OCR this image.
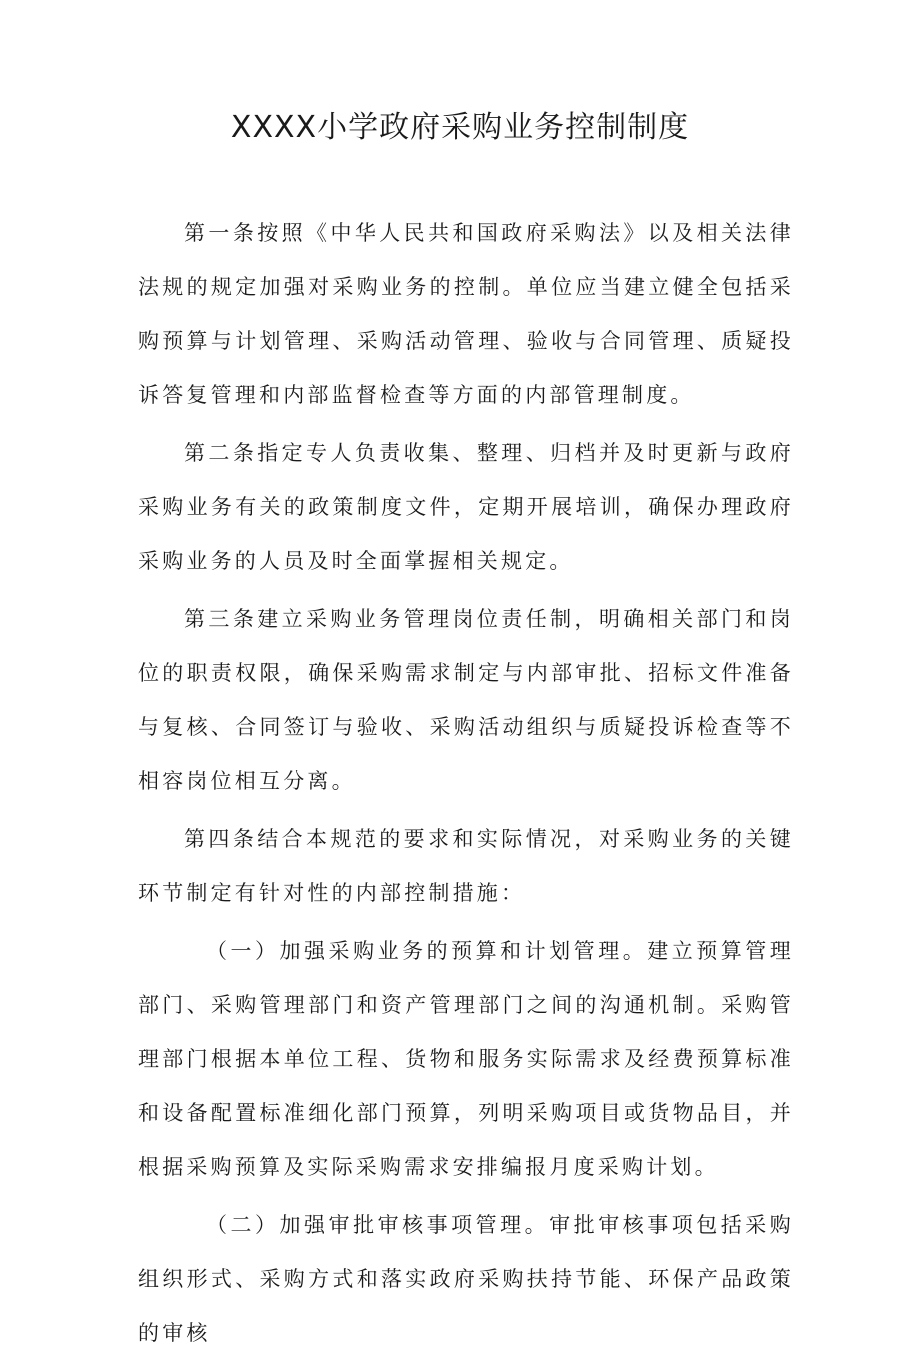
XXXX小学政府采购业务控制制度

第一条按照《中华人民共和国政府采购法》以及相关法律法规的规定加强对采购业务的控制。单位应当建立健全包括采购预算与计划管理、采购活动管理、验收与合同管理、质疑投诉答复管理和内部监督检查等方面的内部管理制度。

第二条指定专人负责收集、整理、归档并及时更新与政府采购业务有关的政策制度文件，定期开展培训，确保办理政府采购业务的人员及时全面掌握相关规定。

第三条建立采购业务管理岗位责任制，明确相关部门和岗位的职责权限，确保采购需求制定与内部审批、招标文件准备与复核、合同签订与验收、采购活动组织与质疑投诉检查等不相容岗位相互分离。

第四条结合本规范的要求和实际情况，对采购业务的关键环节制定有针对性的内部控制措施：

（一）加强采购业务的预算和计划管理。建立预算管理部门、采购管理部门和资产管理部门之间的沟通机制。采购管理部门根据本单位工程、货物和服务实际需求及经费预算标准和设备配置标准细化部门预算，列明采购项目或货物品目，并根据采购预算及实际采购需求安排编报月度采购计划。

（二）加强审批审核事项管理。审批审核事项包括采购组织形式、采购方式和落实政府采购扶持节能、环保产品政策的审核
